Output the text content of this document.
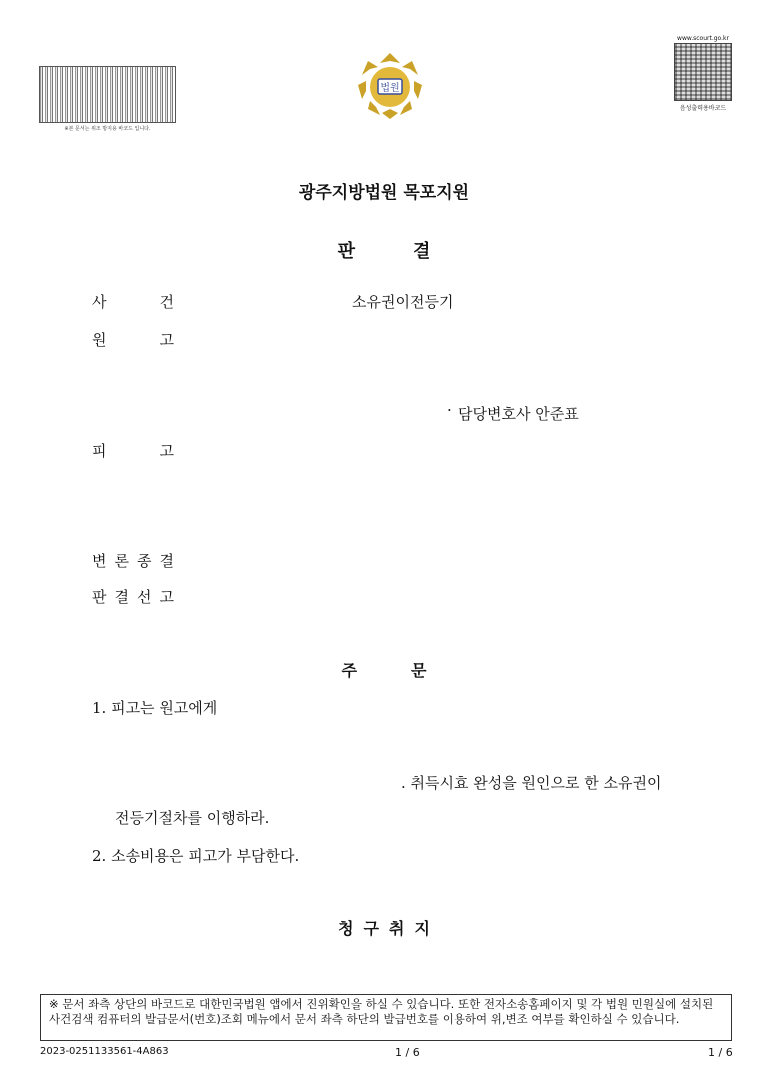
※본 문서는 위조 방지용 바코드 입니다.
www.scourt.go.kr
음성출력용바코드
법원
광주지방법원 목포지원
판결
사	건	소유권이전등기
원	고
· 담당변호사 안준표
피	고
변 론 종 결
판 결 선 고
주문
1. 피고는 원고에게
. 취득시효 완성을 원인으로 한 소유권이
전등기절차를 이행하라.
2. 소송비용은 피고가 부담한다.
청구취지
※ 문서 좌측 상단의 바코드로 대한민국법원 앱에서 진위확인을 하실 수 있습니다. 또한 전자소송홈페이지 및 각 법원 민원실에 설치된 사건검색 컴퓨터의 발급문서(번호)조회 메뉴에서 문서 좌측 하단의 발급번호를 이용하여 위,변조 여부를 확인하실 수 있습니다.
2023-0251133561-4A863	1 / 6	1 / 6
